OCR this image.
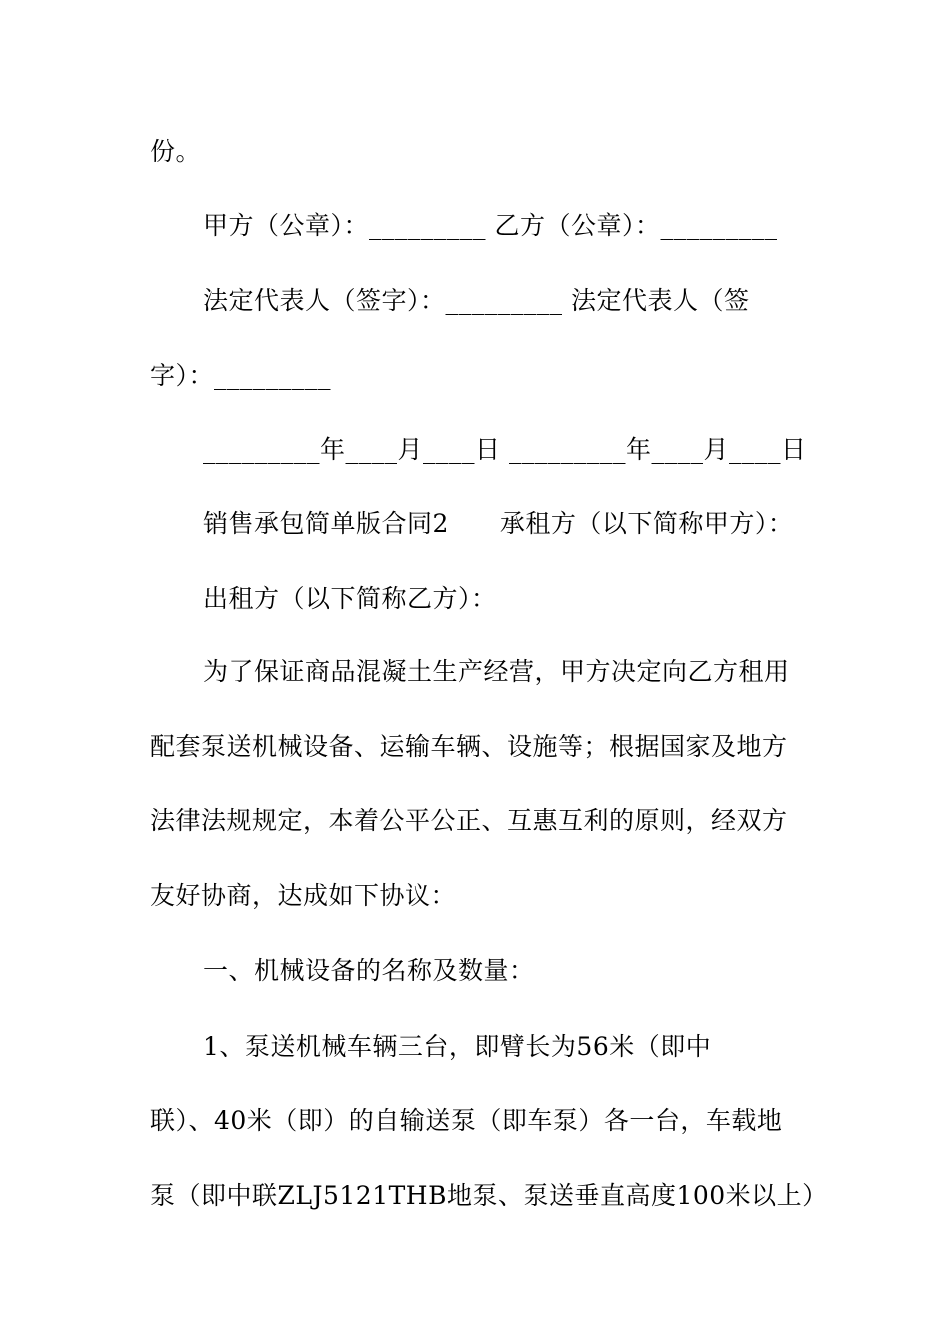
份。
甲方（公章）：_________ 乙方（公章）：_________
法定代表人（签字）：_________ 法定代表人（签
字）：_________
_________年____月____日 _________年____月____日
销售承包简单版合同2　　承租方（以下简称甲方）：
出租方（以下简称乙方）：
为了保证商品混凝土生产经营，甲方决定向乙方租用
配套泵送机械设备、运输车辆、设施等；根据国家及地方
法律法规规定，本着公平公正、互惠互利的原则，经双方
友好协商，达成如下协议：
一、机械设备的名称及数量：
1、泵送机械车辆三台，即臂长为56米（即中
联）、40米（即）的自输送泵（即车泵）各一台，车载地
泵（即中联ZLJ5121THB地泵、泵送垂直高度100米以上）
